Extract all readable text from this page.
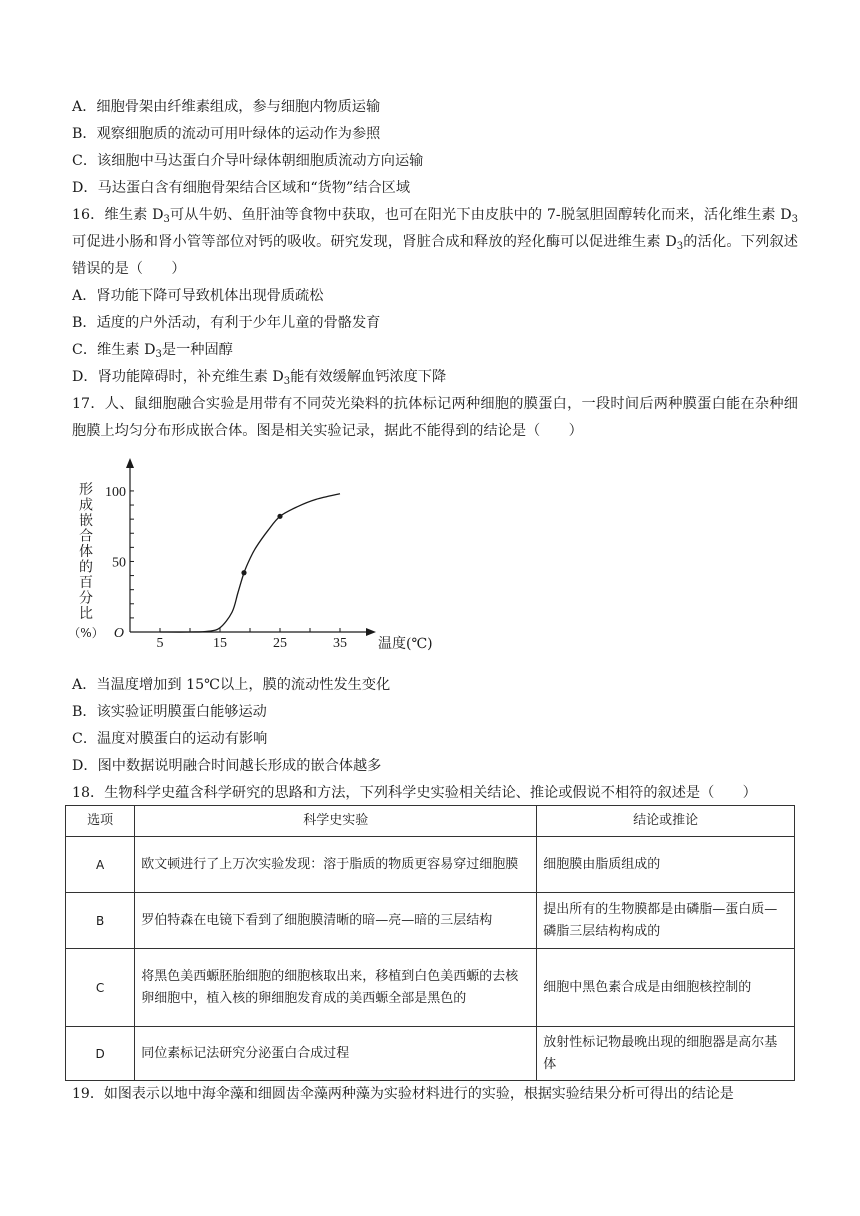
A．细胞骨架由纤维素组成，参与细胞内物质运输
B．观察细胞质的流动可用叶绿体的运动作为参照
C．该细胞中马达蛋白介导叶绿体朝细胞质流动方向运输
D．马达蛋白含有细胞骨架结合区域和“货物”结合区域
16．维生素 $D_3$可从牛奶、鱼肝油等食物中获取，也可在阳光下由皮肤中的 7-脱氢胆固醇转化而来，活化维生素 $D_3$可促进小肠和肾小管等部位对钙的吸收。研究发现，肾脏合成和释放的羟化酶可以促进维生素 $D_3$的活化。下列叙述错误的是（　　）
A．肾功能下降可导致机体出现骨质疏松
B．适度的户外活动，有利于少年儿童的骨骼发育
C．维生素 $D_3$是一种固醇
D．肾功能障碍时，补充维生素 $D_3$能有效缓解血钙浓度下降
17．人、鼠细胞融合实验是用带有不同荧光染料的抗体标记两种细胞的膜蛋白，一段时间后两种膜蛋白能在杂种细胞膜上均匀分布形成嵌合体。图是相关实验记录，据此不能得到的结论是（　　）
5	15	25	35
50
100
O
形
成
嵌
合
体
的
百
分
比
（%）
温度(℃)
A．当温度增加到 15℃以上，膜的流动性发生变化
B．该实验证明膜蛋白能够运动
C．温度对膜蛋白的运动有影响
D．图中数据说明融合时间越长形成的嵌合体越多
18．生物科学史蕴含科学研究的思路和方法，下列科学史实验相关结论、推论或假说不相符的叙述是（　　）
选项	科学史实验	结论或推论
A	欧文顿进行了上万次实验发现：溶于脂质的物质更容易穿过细胞膜	细胞膜由脂质组成的
B	罗伯特森在电镜下看到了细胞膜清晰的暗—亮—暗的三层结构	提出所有的生物膜都是由磷脂—蛋白质—磷脂三层结构构成的
C	将黑色美西螈胚胎细胞的细胞核取出来，移植到白色美西螈的去核卵细胞中，植入核的卵细胞发育成的美西螈全部是黑色的	细胞中黑色素合成是由细胞核控制的
D	同位素标记法研究分泌蛋白合成过程	放射性标记物最晚出现的细胞器是高尔基体
19．如图表示以地中海伞藻和细圆齿伞藻两种藻为实验材料进行的实验，根据实验结果分析可得出的结论是
